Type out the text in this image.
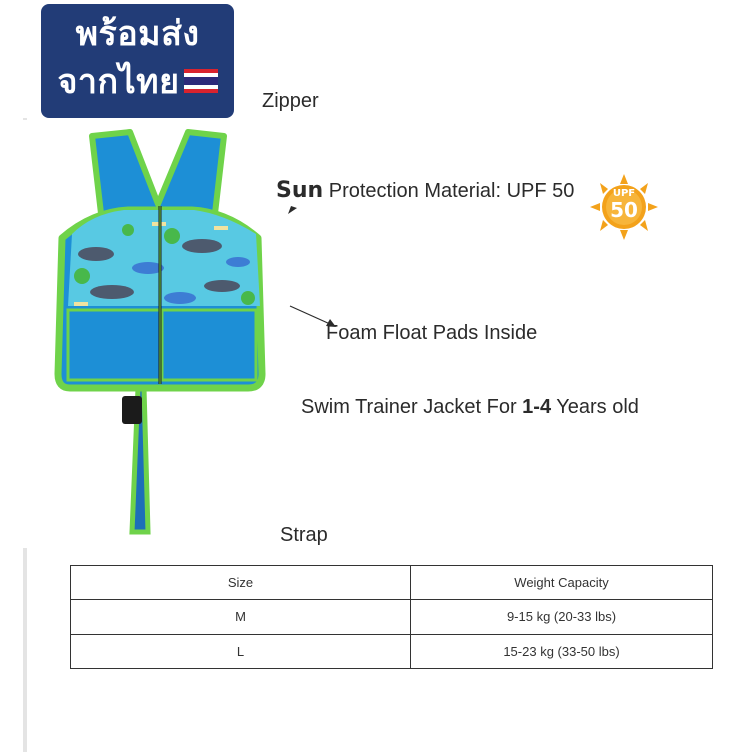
พร้อมส่ง
จากไทย	Zipper
Sun Protection Material: UPF 50	UPF
50
Foam Float Pads Inside
Swim Trainer Jacket For 1-4 Years old
Strap
Size	Weight Capacity
M	9-15 kg (20-33 lbs)
L	15-23 kg (33-50 lbs)
